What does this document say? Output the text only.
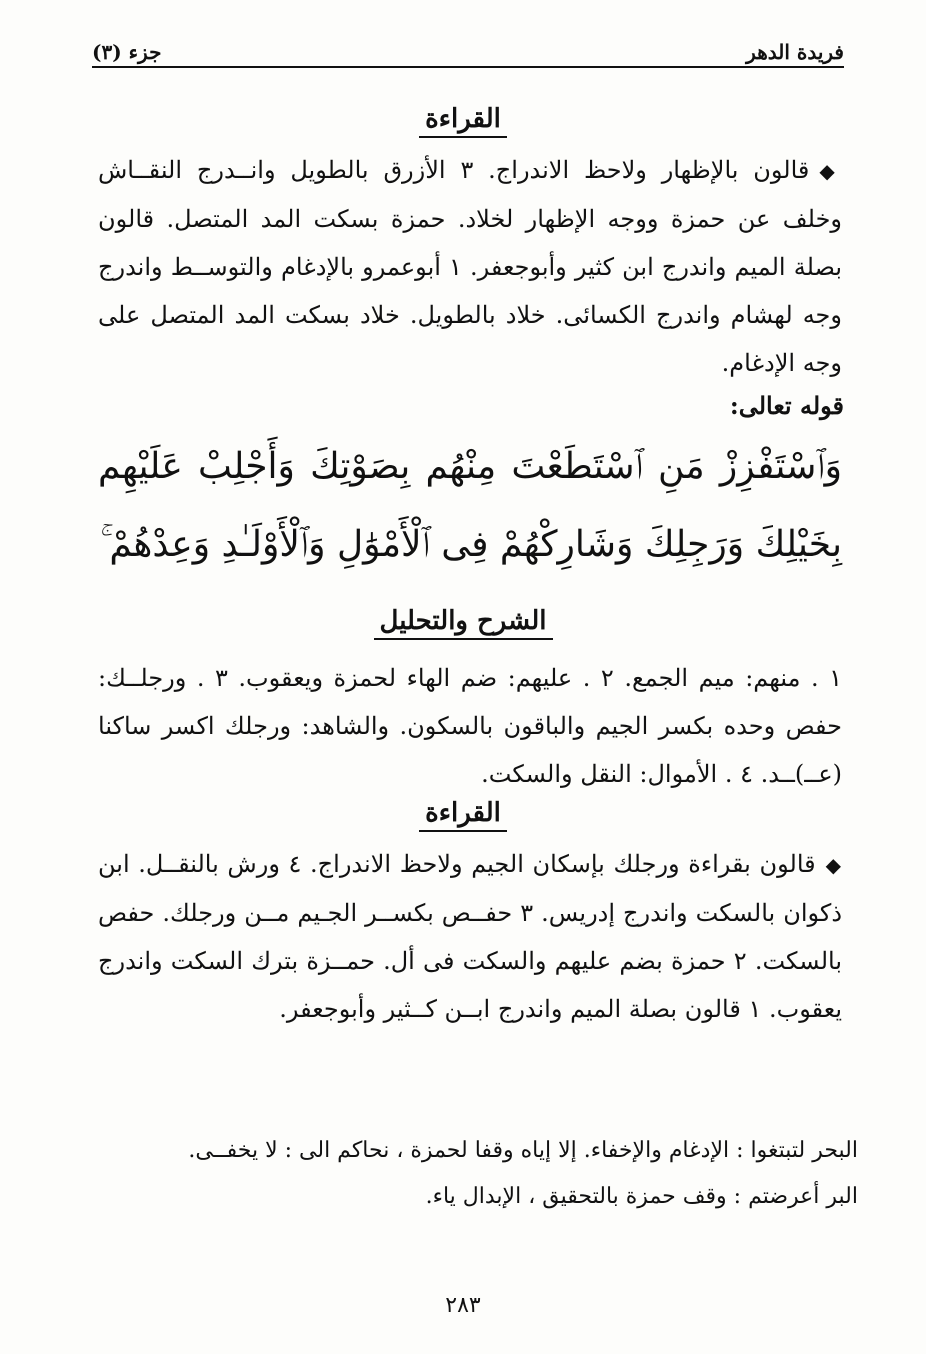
فريدة الدهر
جزء (٣)
القراءة
◆قالون بالإظهار ولاحظ الاندراج. ٣ الأزرق بالطويل وانــدرج النقــاش وخلف عن حمزة ووجه الإظهار لخلاد. حمزة بسكت المد المتصل. قالون بصلة الميم واندرج ابن كثير وأبوجعفر. ١ أبوعمرو بالإدغام والتوســط واندرج وجه لهشام واندرج الكسائى. خلاد بالطويل. خلاد بسكت المد المتصل على وجه الإدغام.
قوله تعالى:
وَٱسْتَفْزِزْ مَنِ ٱسْتَطَعْتَ مِنْهُم بِصَوْتِكَ وَأَجْلِبْ عَلَيْهِم بِخَيْلِكَ وَرَجِلِكَ وَشَارِكْهُمْ فِى ٱلْأَمْوَٰلِ وَٱلْأَوْلَـٰدِ وَعِدْهُمْ ۚ
الشرح والتحليل
١ . منهم: ميم الجمع. ٢ . عليهم: ضم الهاء لحمزة ويعقوب. ٣ . ورجلــك: حفص وحده بكسر الجيم والباقون بالسكون. والشاهد: ورجلك اكسر ساكنا (عــ)ــد. ٤ . الأموال: النقل والسكت.
القراءة
◆قالون بقراءة ورجلك بإسكان الجيم ولاحظ الاندراج. ٤ ورش بالنقــل. ابن ذكوان بالسكت واندرج إدريس. ٣ حفــص بكســر الجـيم مــن ورجلك. حفص بالسكت. ٢ حمزة بضم عليهم والسكت فى أل. حمــزة بترك السكت واندرج يعقوب. ١ قالون بصلة الميم واندرج ابــن كــثير وأبوجعفر.
البحر لتبتغوا : الإدغام والإخفاء. إلا إياه وقفا لحمزة ، نحاكم الى : لا يخفــى.
البر أعرضتم : وقف حمزة بالتحقيق ، الإبدال ياء.
٢٨٣
